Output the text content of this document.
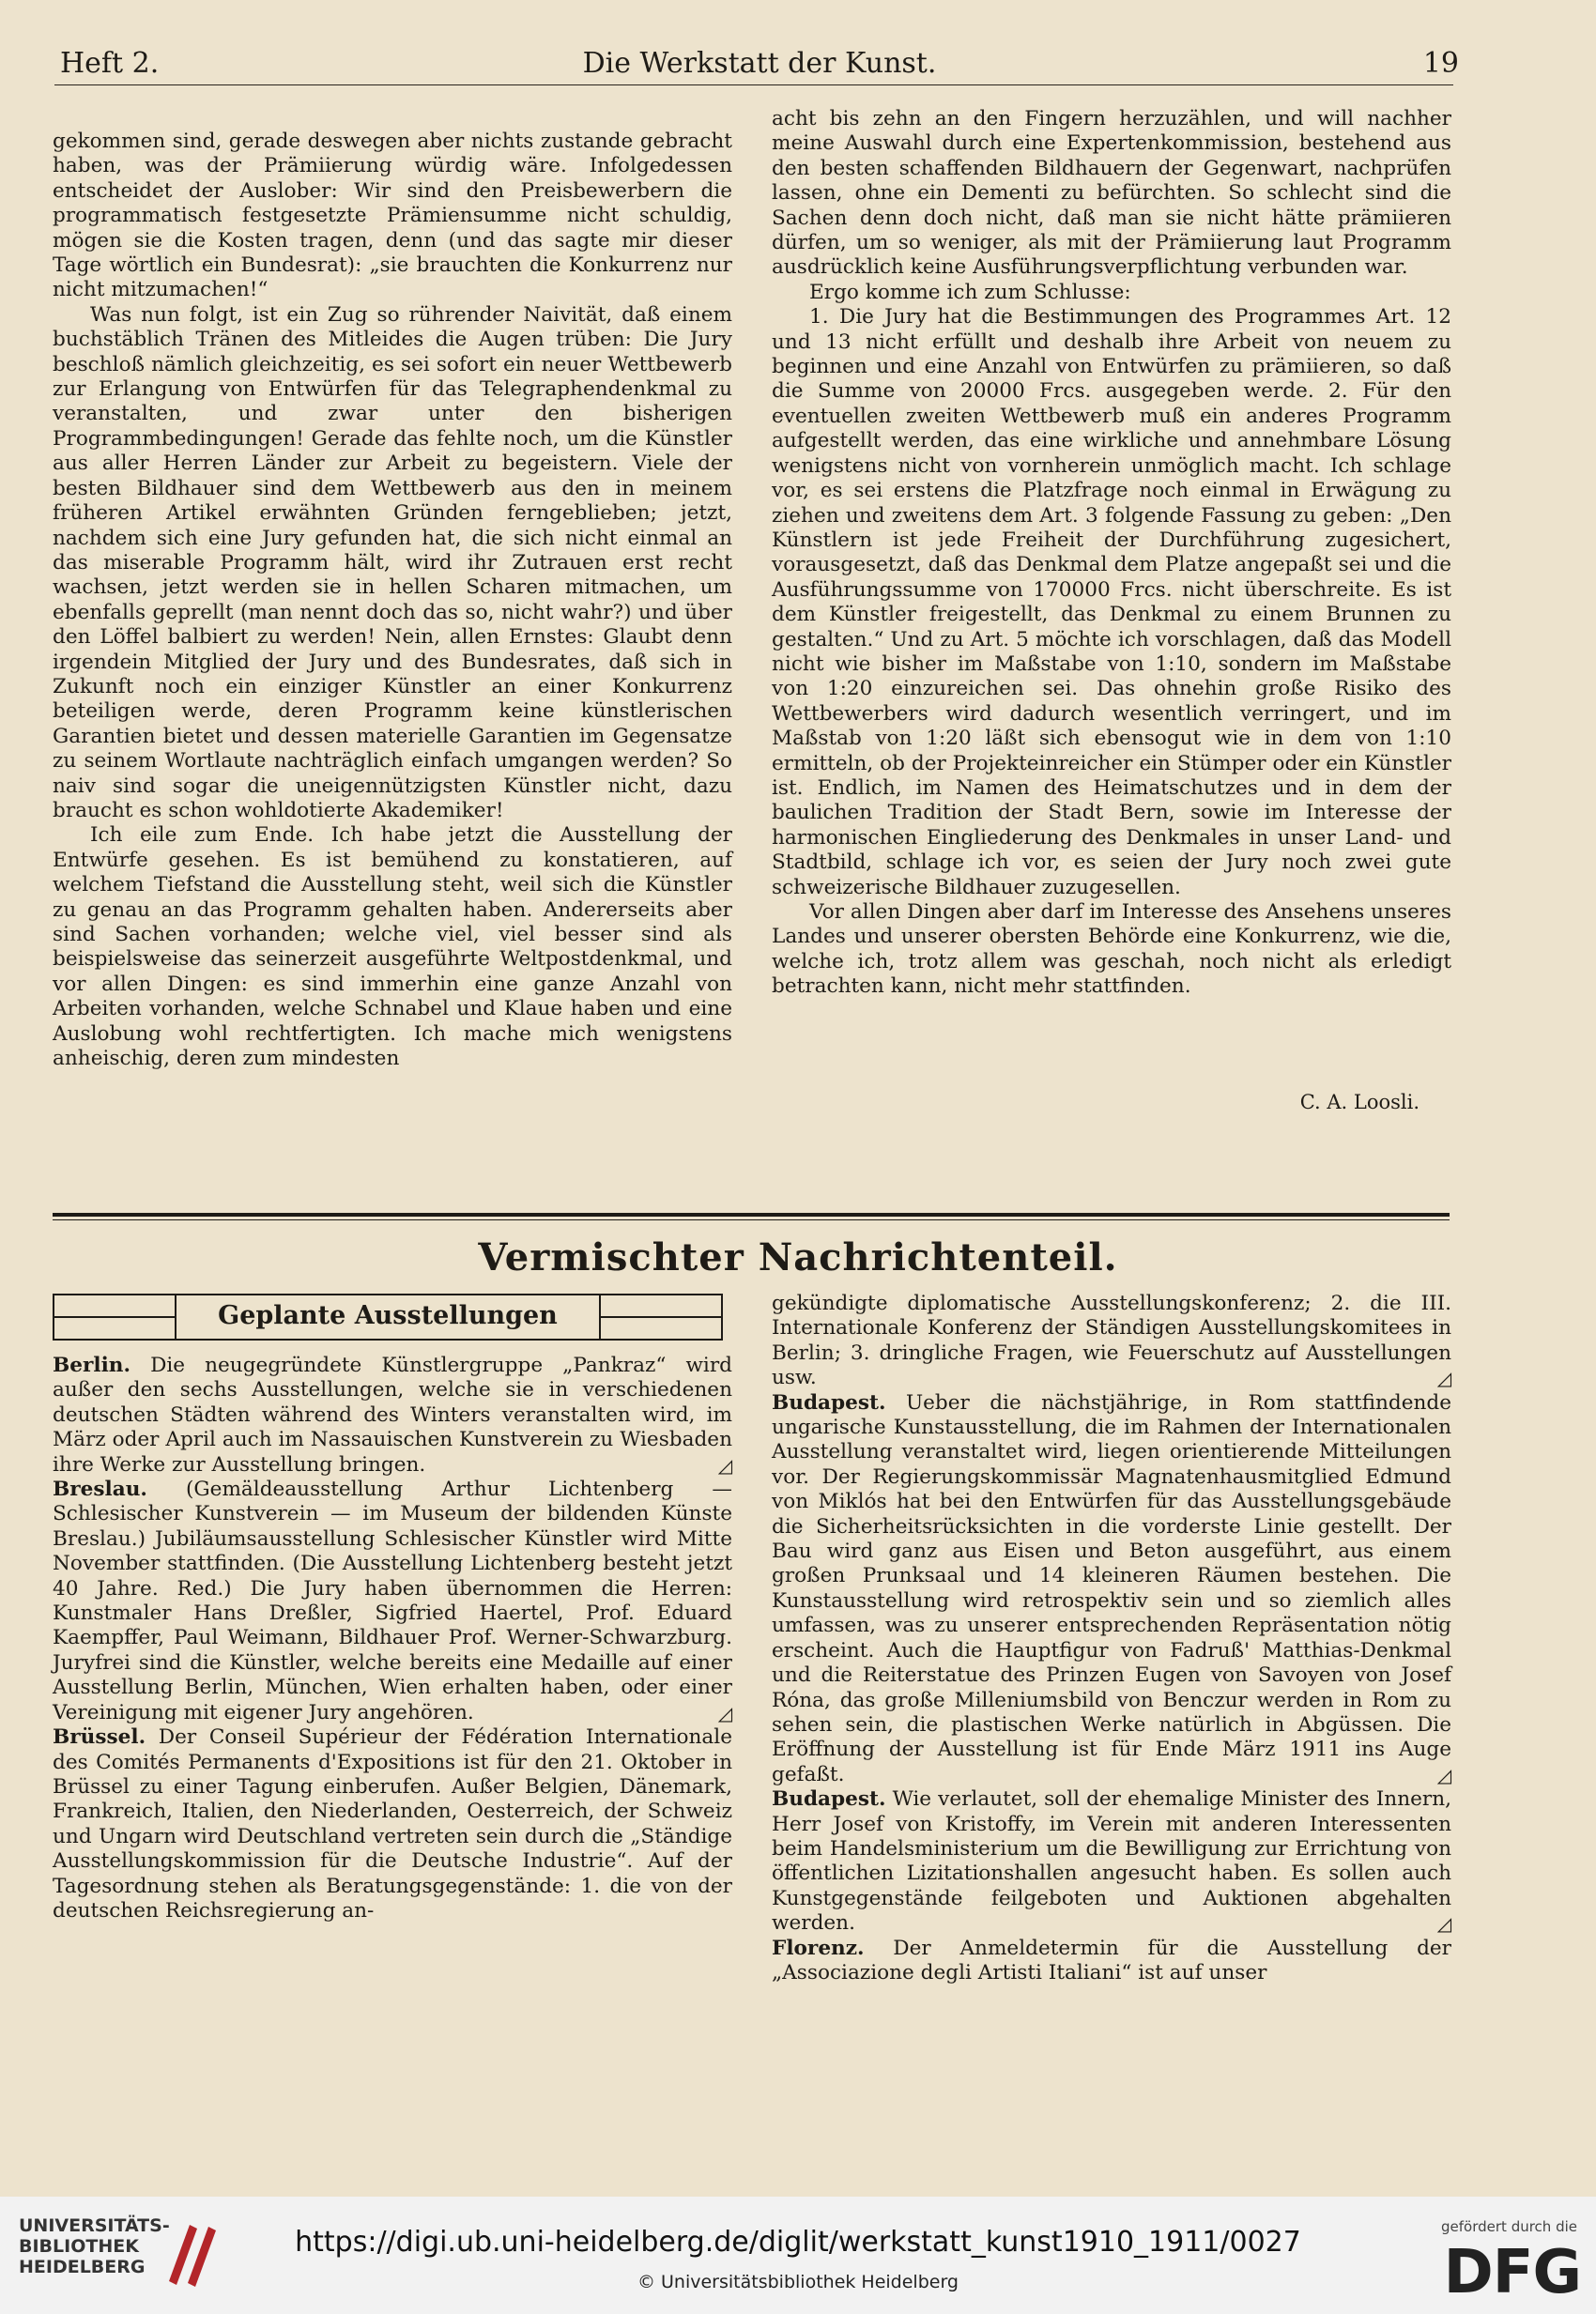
Heft 2.	Die Werkstatt der Kunst.	19

gekommen sind, gerade deswegen aber nichts zustande gebracht haben, was der Prämiierung würdig wäre. Infolgedessen entscheidet der Auslober: Wir sind den Preisbewerbern die programmatisch festgesetzte Prämiensumme nicht schuldig, mögen sie die Kosten tragen, denn (und das sagte mir dieser Tage wörtlich ein Bundesrat): „sie brauchten die Konkurrenz nur nicht mitzumachen!“

Was nun folgt, ist ein Zug so rührender Naivität, daß einem buchstäblich Tränen des Mitleides die Augen trüben: Die Jury beschloß nämlich gleichzeitig, es sei sofort ein neuer Wettbewerb zur Erlangung von Entwürfen für das Telegraphendenkmal zu veranstalten, und zwar unter den bisherigen Programmbedingungen! Gerade das fehlte noch, um die Künstler aus aller Herren Länder zur Arbeit zu begeistern. Viele der besten Bildhauer sind dem Wettbewerb aus den in meinem früheren Artikel erwähnten Gründen ferngeblieben; jetzt, nachdem sich eine Jury gefunden hat, die sich nicht einmal an das miserable Programm hält, wird ihr Zutrauen erst recht wachsen, jetzt werden sie in hellen Scharen mitmachen, um ebenfalls geprellt (man nennt doch das so, nicht wahr?) und über den Löffel balbiert zu werden! Nein, allen Ernstes: Glaubt denn irgendein Mitglied der Jury und des Bundesrates, daß sich in Zukunft noch ein einziger Künstler an einer Konkurrenz beteiligen werde, deren Programm keine künstlerischen Garantien bietet und dessen materielle Garantien im Gegensatze zu seinem Wortlaute nachträglich einfach umgangen werden? So naiv sind sogar die uneigennützigsten Künstler nicht, dazu braucht es schon wohldotierte Akademiker!

Ich eile zum Ende. Ich habe jetzt die Ausstellung der Entwürfe gesehen. Es ist bemühend zu konstatieren, auf welchem Tiefstand die Ausstellung steht, weil sich die Künstler zu genau an das Programm gehalten haben. Andererseits aber sind Sachen vorhanden; welche viel, viel besser sind als beispielsweise das seinerzeit ausgeführte Weltpostdenkmal, und vor allen Dingen: es sind immerhin eine ganze Anzahl von Arbeiten vorhanden, welche Schnabel und Klaue haben und eine Auslobung wohl rechtfertigten. Ich mache mich wenigstens anheischig, deren zum mindesten

acht bis zehn an den Fingern herzuzählen, und will nachher meine Auswahl durch eine Expertenkommission, bestehend aus den besten schaffenden Bildhauern der Gegenwart, nachprüfen lassen, ohne ein Dementi zu befürchten. So schlecht sind die Sachen denn doch nicht, daß man sie nicht hätte prämiieren dürfen, um so weniger, als mit der Prämiierung laut Programm ausdrücklich keine Ausführungsverpflichtung verbunden war.

Ergo komme ich zum Schlusse:

1. Die Jury hat die Bestimmungen des Programmes Art. 12 und 13 nicht erfüllt und deshalb ihre Arbeit von neuem zu beginnen und eine Anzahl von Entwürfen zu prämiieren, so daß die Summe von 20000 Frcs. ausgegeben werde. 2. Für den eventuellen zweiten Wettbewerb muß ein anderes Programm aufgestellt werden, das eine wirkliche und annehmbare Lösung wenigstens nicht von vornherein unmöglich macht. Ich schlage vor, es sei erstens die Platzfrage noch einmal in Erwägung zu ziehen und zweitens dem Art. 3 folgende Fassung zu geben: „Den Künstlern ist jede Freiheit der Durchführung zugesichert, vorausgesetzt, daß das Denkmal dem Platze angepaßt sei und die Ausführungssumme von 170000 Frcs. nicht überschreite. Es ist dem Künstler freigestellt, das Denkmal zu einem Brunnen zu gestalten.“ Und zu Art. 5 möchte ich vorschlagen, daß das Modell nicht wie bisher im Maßstabe von 1:10, sondern im Maßstabe von 1:20 einzureichen sei. Das ohnehin große Risiko des Wettbewerbers wird dadurch wesentlich verringert, und im Maßstab von 1:20 läßt sich ebensogut wie in dem von 1:10 ermitteln, ob der Projekteinreicher ein Stümper oder ein Künstler ist. Endlich, im Namen des Heimatschutzes und in dem der baulichen Tradition der Stadt Bern, sowie im Interesse der harmonischen Eingliederung des Denkmales in unser Land- und Stadtbild, schlage ich vor, es seien der Jury noch zwei gute schweizerische Bildhauer zuzugesellen.

Vor allen Dingen aber darf im Interesse des Ansehens unseres Landes und unserer obersten Behörde eine Konkurrenz, wie die, welche ich, trotz allem was geschah, noch nicht als erledigt betrachten kann, nicht mehr stattfinden.

C. A. Loosli.
Vermischter Nachrichtenteil.
Geplante Ausstellungen

Berlin. Die neugegründete Künstlergruppe „Pankraz“ wird außer den sechs Ausstellungen, welche sie in verschiedenen deutschen Städten während des Winters veranstalten wird, im März oder April auch im Nassauischen Kunstverein zu Wiesbaden ihre Werke zur Ausstellung bringen.	◿

Breslau. (Gemäldeausstellung Arthur Lichtenberg — Schlesischer Kunstverein — im Museum der bildenden Künste Breslau.) Jubiläumsausstellung Schlesischer Künstler wird Mitte November stattfinden. (Die Ausstellung Lichtenberg besteht jetzt 40 Jahre. Red.) Die Jury haben übernommen die Herren: Kunstmaler Hans Dreßler, Sigfried Haertel, Prof. Eduard Kaempffer, Paul Weimann, Bildhauer Prof. Werner-Schwarzburg. Juryfrei sind die Künstler, welche bereits eine Medaille auf einer Ausstellung Berlin, München, Wien erhalten haben, oder einer Vereinigung mit eigener Jury angehören.	◿

Brüssel. Der Conseil Supérieur der Fédération Internationale des Comités Permanents d'Expositions ist für den 21. Oktober in Brüssel zu einer Tagung einberufen. Außer Belgien, Dänemark, Frankreich, Italien, den Niederlanden, Oesterreich, der Schweiz und Ungarn wird Deutschland vertreten sein durch die „Ständige Ausstellungskommission für die Deutsche Industrie“. Auf der Tagesordnung stehen als Beratungsgegenstände: 1. die von der deutschen Reichsregierung an-

gekündigte diplomatische Ausstellungskonferenz; 2. die III. Internationale Konferenz der Ständigen Ausstellungskomitees in Berlin; 3. dringliche Fragen, wie Feuerschutz auf Ausstellungen usw.	◿

Budapest. Ueber die nächstjährige, in Rom stattfindende ungarische Kunstausstellung, die im Rahmen der Internationalen Ausstellung veranstaltet wird, liegen orientierende Mitteilungen vor. Der Regierungskommissär Magnatenhausmitglied Edmund von Miklós hat bei den Entwürfen für das Ausstellungsgebäude die Sicherheitsrücksichten in die vorderste Linie gestellt. Der Bau wird ganz aus Eisen und Beton ausgeführt, aus einem großen Prunksaal und 14 kleineren Räumen bestehen. Die Kunstausstellung wird retrospektiv sein und so ziemlich alles umfassen, was zu unserer entsprechenden Repräsentation nötig erscheint. Auch die Hauptfigur von Fadruß' Matthias-Denkmal und die Reiterstatue des Prinzen Eugen von Savoyen von Josef Róna, das große Milleniumsbild von Benczur werden in Rom zu sehen sein, die plastischen Werke natürlich in Abgüssen. Die Eröffnung der Ausstellung ist für Ende März 1911 ins Auge gefaßt.	◿

Budapest. Wie verlautet, soll der ehemalige Minister des Innern, Herr Josef von Kristoffy, im Verein mit anderen Interessenten beim Handelsministerium um die Bewilligung zur Errichtung von öffentlichen Lizitationshallen angesucht haben. Es sollen auch Kunstgegenstände feilgeboten und Auktionen abgehalten werden.	◿

Florenz. Der Anmeldetermin für die Ausstellung der „Associazione degli Artisti Italiani“ ist auf unser

UNIVERSITÄTS-
BIBLIOTHEK
HEIDELBERG
https://digi.ub.uni-heidelberg.de/diglit/werkstatt_kunst1910_1911/0027
© Universitätsbibliothek Heidelberg
gefördert durch die
DFG
